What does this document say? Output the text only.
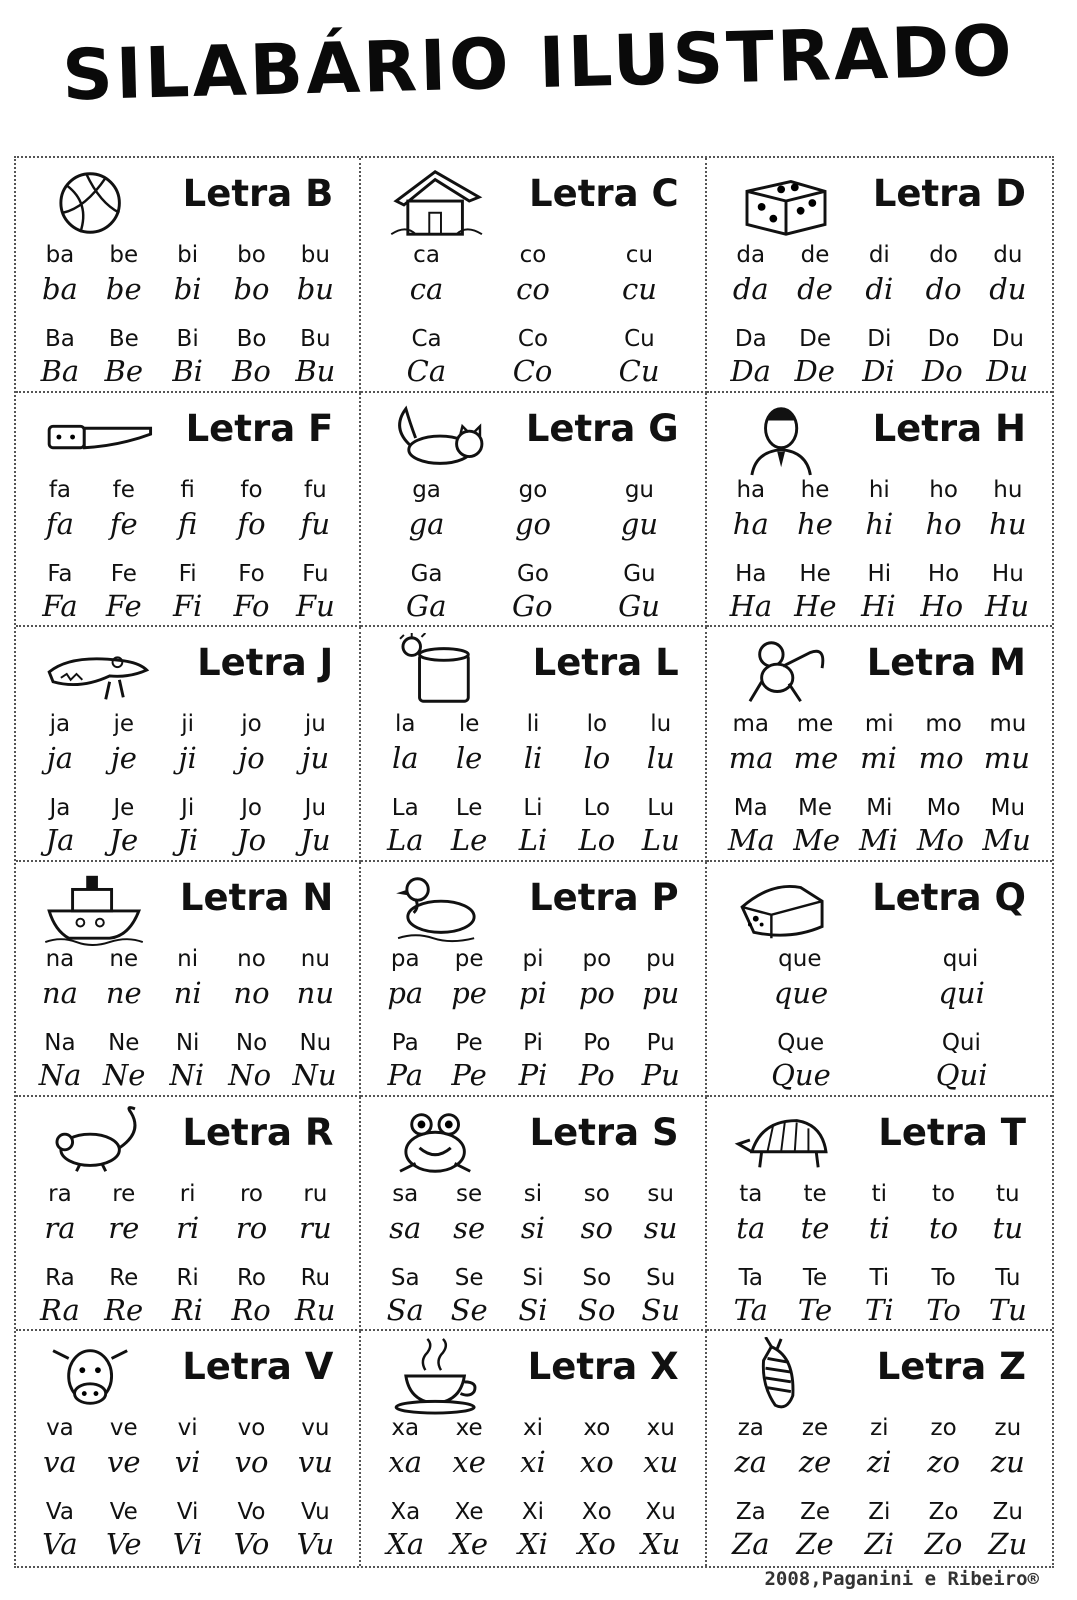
SILABÁRIO ILUSTRADO
Letra B
ba be	bi	bo bu
ba be bi bo bu
Ba Be	Bi	Bo Bu
Ba Be Bi Bo Bu
Letra C
ca	co	cu
ca	co cu
Ca	Co	Cu
Ca Co Cu
Letra D
da de	di	do du
da de di do du
Da De	Di	Do Du
Da De Di Do Du
Letra F
fa	fe	fi	fo	fu
fa fe	fi	fo fu
Fa	Fe	Fi	Fo Fu
Fa Fe Fi Fo Fu
Letra G
ga	go	gu
ga go gu
Ga	Go	Gu
Ga Go Gu
Letra H
ha he	hi	ho hu
ha he hi ho hu
Ha He	Hi	Ho Hu
Ha He Hi Ho Hu
Letra J
ja	je	ji	jo	ju
ja je	ji	jo ju
Ja	Je	Ji	Jo	Ju
Ja Je	Ji	Jo Ju
Letra L
la	le	li	lo	lu
la le	li	lo lu
La Le	Li	Lo Lu
La Le Li Lo Lu
Letra M
ma me mi mo mu
ma me mi mo mu
Ma Me Mi Mo Mu
Ma Me Mi Mo Mu
Letra N
na ne	ni	no nu
na ne ni no nu
Na Ne	Ni	No Nu
Na Ne Ni No Nu
Letra P
pa pe	pi	po pu
pa pe pi po pu
Pa Pe	Pi	Po Pu
Pa Pe Pi Po Pu
Letra Q
que	qui
que	qui
Que	Qui
Que	Qui
Letra R
ra	re	ri	ro	ru
ra re ri ro ru
Ra Re	Ri	Ro Ru
Ra Re Ri Ro Ru
Letra S
sa	se	si	so	su
sa se si so su
Sa Se	Si	So Su
Sa Se Si So Su
Letra T
ta	te	ti	to	tu
ta te	ti	to tu
Ta	Te	Ti	To	Tu
Ta Te Ti To Tu
Letra V
va ve	vi	vo vu
va ve vi vo vu
Va Ve	Vi	Vo Vu
Va Ve Vi Vo Vu
Letra X
xa xe	xi	xo xu
xa xe xi xo xu
Xa Xe	Xi	Xo Xu
Xa Xe Xi Xo Xu
Letra Z
za	ze	zi	zo	zu
za ze zi zo zu
Za Ze	Zi	Zo Zu
Za Ze Zi Zo Zu
2008,Paganini e Ribeiro®
